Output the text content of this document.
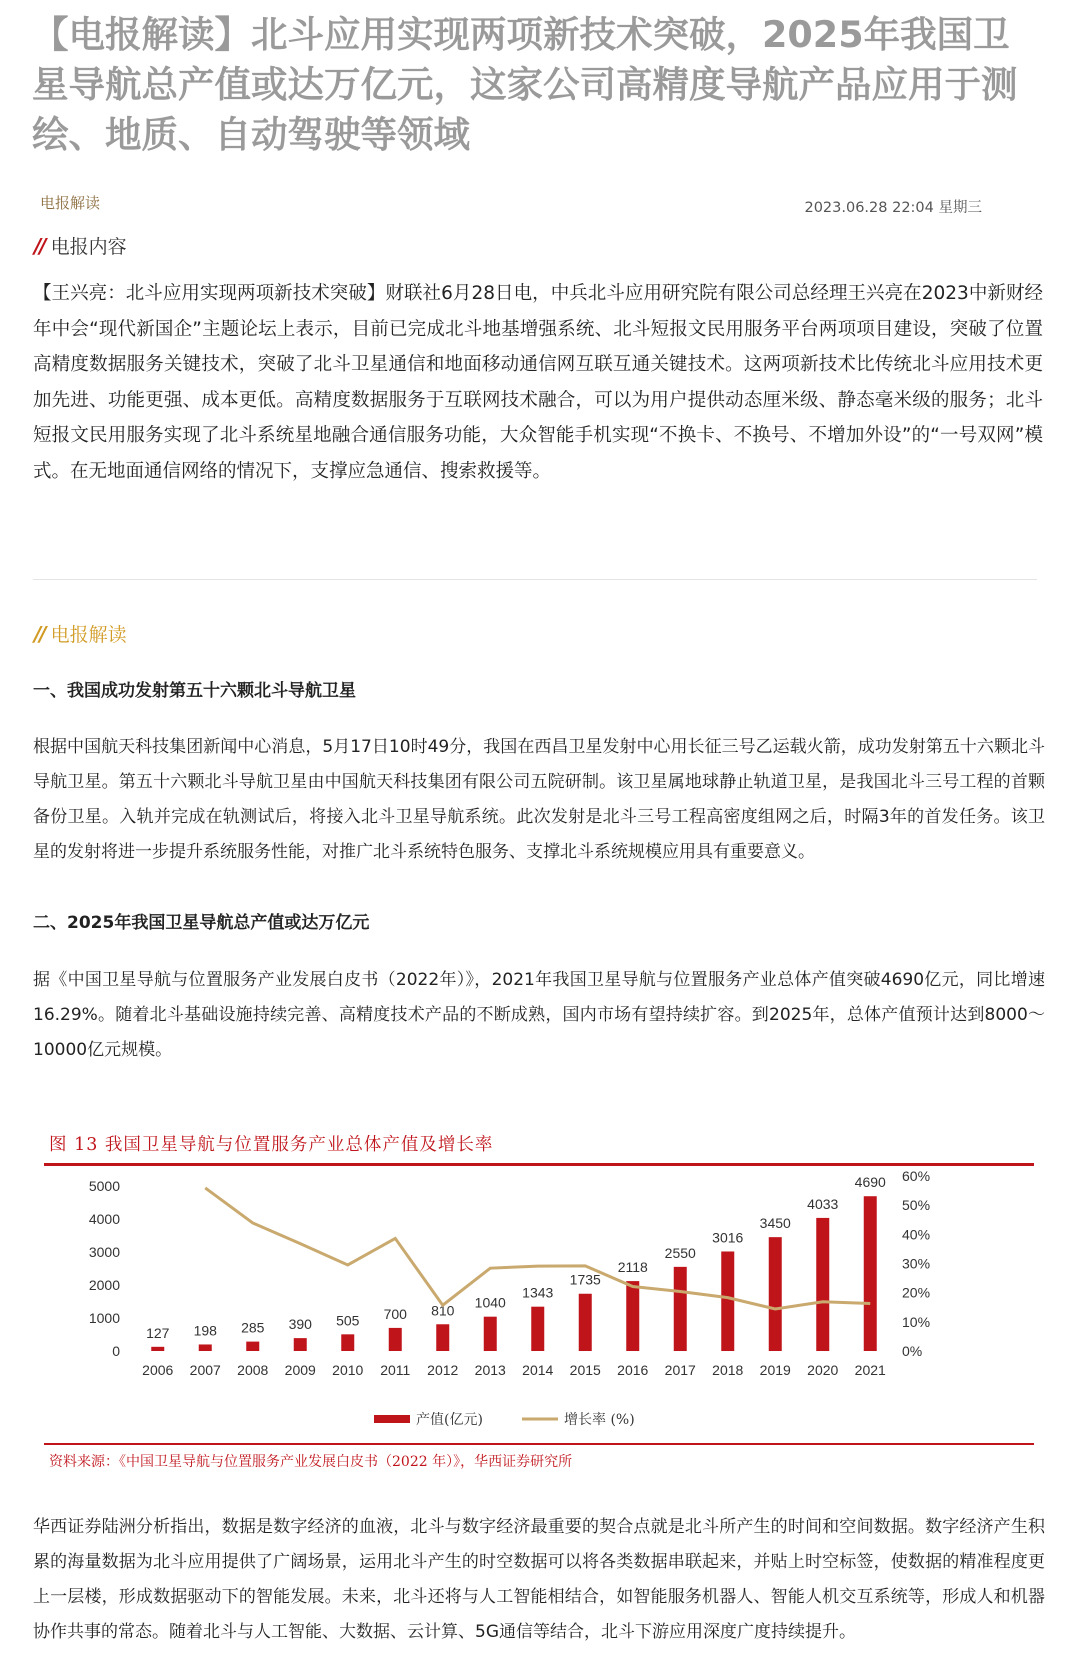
【电报解读】北斗应用实现两项新技术突破，2025年我国卫星导航总产值或达万亿元，这家公司高精度导航产品应用于测绘、地质、自动驾驶等领域
电报解读	2023.06.28 22:04 星期三
// 电报内容
【王兴亮：北斗应用实现两项新技术突破】财联社6月28日电，中兵北斗应用研究院有限公司总经理王兴亮在2023中新财经年中会“现代新国企”主题论坛上表示，目前已完成北斗地基增强系统、北斗短报文民用服务平台两项项目建设，突破了位置高精度数据服务关键技术，突破了北斗卫星通信和地面移动通信网互联互通关键技术。这两项新技术比传统北斗应用技术更加先进、功能更强、成本更低。高精度数据服务于互联网技术融合，可以为用户提供动态厘米级、静态毫米级的服务；北斗短报文民用服务实现了北斗系统星地融合通信服务功能，大众智能手机实现“不换卡、不换号、不增加外设”的“一号双网”模式。在无地面通信网络的情况下，支撑应急通信、搜索救援等。
// 电报解读
一、我国成功发射第五十六颗北斗导航卫星
根据中国航天科技集团新闻中心消息，5月17日10时49分，我国在西昌卫星发射中心用长征三号乙运载火箭，成功发射第五十六颗北斗导航卫星。第五十六颗北斗导航卫星由中国航天科技集团有限公司五院研制。该卫星属地球静止轨道卫星，是我国北斗三号工程的首颗备份卫星。入轨并完成在轨测试后，将接入北斗卫星导航系统。此次发射是北斗三号工程高密度组网之后，时隔3年的首发任务。该卫星的发射将进一步提升系统服务性能，对推广北斗系统特色服务、支撑北斗系统规模应用具有重要意义。
二、2025年我国卫星导航总产值或达万亿元
据《中国卫星导航与位置服务产业发展白皮书（2022年）》，2021年我国卫星导航与位置服务产业总体产值突破4690亿元，同比增速16.29%。随着北斗基础设施持续完善、高精度技术产品的不断成熟，国内市场有望持续扩容。到2025年，总体产值预计达到8000～10000亿元规模。
图 13 我国卫星导航与位置服务产业总体产值及增长率
0
1000
2000
3000
4000
5000
0%
10%
20%
30%
40%
50%
60%
127
2006
198
2007
285
2008
390
2009
505
2010
700
2011
810
2012
1040
2013
1343
2014
1735
2015
2118
2016
2550
2017
3016
2018
3450
2019
4033
2020
4690
2021
产值(亿元)	增长率 (%)
资料来源：《中国卫星导航与位置服务产业发展白皮书（2022 年）》，华西证券研究所
华西证券陆洲分析指出，数据是数字经济的血液，北斗与数字经济最重要的契合点就是北斗所产生的时间和空间数据。数字经济产生积累的海量数据为北斗应用提供了广阔场景，运用北斗产生的时空数据可以将各类数据串联起来，并贴上时空标签，使数据的精准程度更上一层楼，形成数据驱动下的智能发展。未来，北斗还将与人工智能相结合，如智能服务机器人、智能人机交互系统等，形成人和机器协作共事的常态。随着北斗与人工智能、大数据、云计算、5G通信等结合，北斗下游应用深度广度持续提升。
